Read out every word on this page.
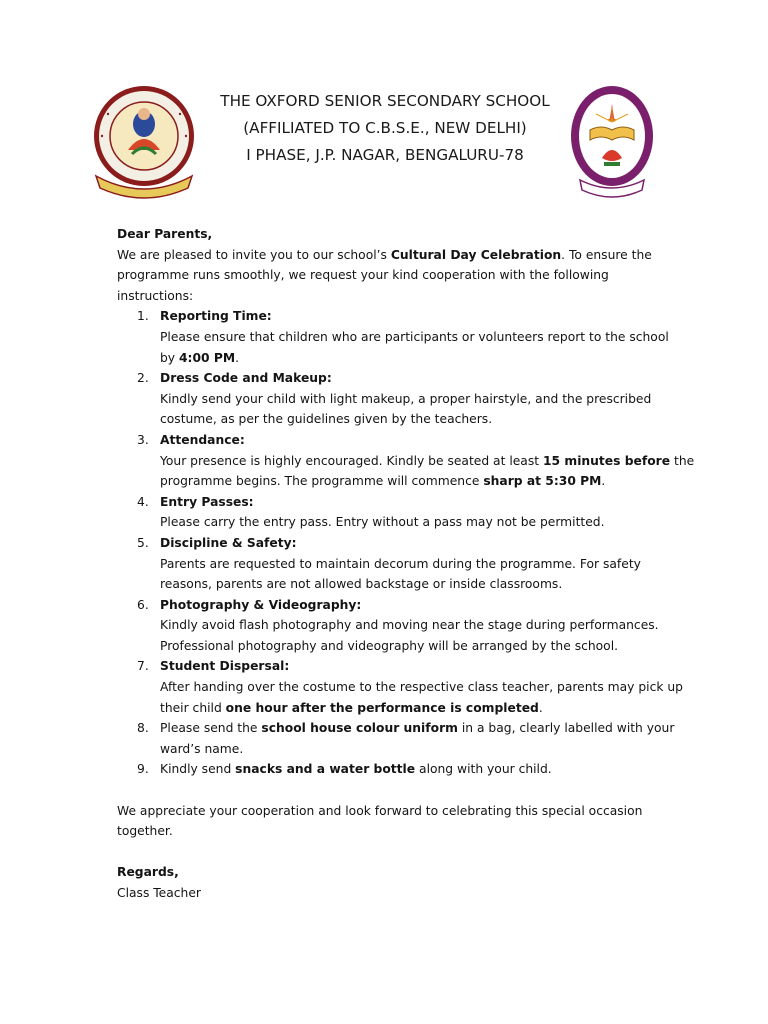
THE OXFORD SENIOR SECONDARY SCHOOL
(AFFILIATED TO C.B.S.E., NEW DELHI)
I PHASE, J.P. NAGAR, BENGALURU-78
Dear Parents,
We are pleased to invite you to our school’s Cultural Day Celebration. To ensure the
programme runs smoothly, we request your kind cooperation with the following
instructions:
1. Reporting Time:
Please ensure that children who are participants or volunteers report to the school
by 4:00 PM.
2. Dress Code and Makeup:
Kindly send your child with light makeup, a proper hairstyle, and the prescribed
costume, as per the guidelines given by the teachers.
3. Attendance:
Your presence is highly encouraged. Kindly be seated at least 15 minutes before the
programme begins. The programme will commence sharp at 5:30 PM.
4. Entry Passes:
Please carry the entry pass. Entry without a pass may not be permitted.
5. Discipline & Safety:
Parents are requested to maintain decorum during the programme. For safety
reasons, parents are not allowed backstage or inside classrooms.
6. Photography & Videography:
Kindly avoid flash photography and moving near the stage during performances.
Professional photography and videography will be arranged by the school.
7. Student Dispersal:
After handing over the costume to the respective class teacher, parents may pick up
their child one hour after the performance is completed.
8. Please send the school house colour uniform in a bag, clearly labelled with your
ward’s name.
9. Kindly send snacks and a water bottle along with your child.
We appreciate your cooperation and look forward to celebrating this special occasion
together.
Regards,
Class Teacher
